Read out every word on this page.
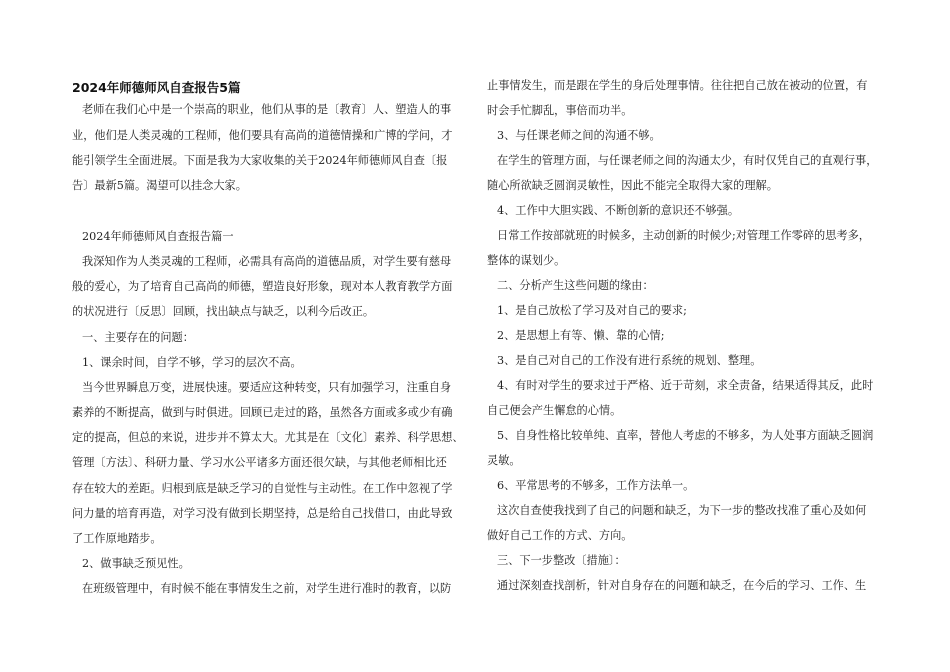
2024年师德师风自查报告5篇
老师在我们心中是一个崇高的职业，他们从事的是〔教育〕人、塑造人的事
业，他们是人类灵魂的工程师，他们要具有高尚的道德情操和广博的学问，才
能引领学生全面进展。下面是我为大家收集的关于2024年师德师风自查〔报
告〕最新5篇。渴望可以挂念大家。
2024年师德师风自查报告篇一
我深知作为人类灵魂的工程师，必需具有高尚的道德品质，对学生要有慈母
般的爱心，为了培育自己高尚的师德，塑造良好形象，现对本人教育教学方面
的状况进行〔反思〕回顾，找出缺点与缺乏，以利今后改正。
一、主要存在的问题：
1、课余时间，自学不够，学习的层次不高。
当今世界瞬息万变，进展快速。要适应这种转变，只有加强学习，注重自身
素养的不断提高，做到与时俱进。回顾已走过的路，虽然各方面或多或少有确
定的提高，但总的来说，进步并不算太大。尤其是在〔文化〕素养、科学思想、
管理〔方法〕、科研力量、学习水公平诸多方面还很欠缺，与其他老师相比还
存在较大的差距。归根到底是缺乏学习的自觉性与主动性。在工作中忽视了学
问力量的培育再造，对学习没有做到长期坚持，总是给自己找借口，由此导致
了工作原地踏步。
2、做事缺乏预见性。
在班级管理中，有时候不能在事情发生之前，对学生进行准时的教育，以防
止事情发生，而是跟在学生的身后处理事情。往往把自己放在被动的位置，有
时会手忙脚乱，事倍而功半。
3、与任课老师之间的沟通不够。
在学生的管理方面，与任课老师之间的沟通太少，有时仅凭自己的直观行事，
随心所欲缺乏圆润灵敏性，因此不能完全取得大家的理解。
4、工作中大胆实践、不断创新的意识还不够强。
日常工作按部就班的时候多，主动创新的时候少;对管理工作零碎的思考多，
整体的谋划少。
二、分析产生这些问题的缘由：
1、是自己放松了学习及对自己的要求;
2、是思想上有等、懒、靠的心情;
3、是自己对自己的工作没有进行系统的规划、整理。
4、有时对学生的要求过于严格、近于苛刻，求全责备，结果适得其反，此时
自己便会产生懈怠的心情。
5、自身性格比较单纯、直率，替他人考虑的不够多，为人处事方面缺乏圆润
灵敏。
6、平常思考的不够多，工作方法单一。
这次自查使我找到了自己的问题和缺乏，为下一步的整改找准了重心及如何
做好自己工作的方式、方向。
三、下一步整改〔措施〕：
通过深刻查找剖析，针对自身存在的问题和缺乏，在今后的学习、工作、生
